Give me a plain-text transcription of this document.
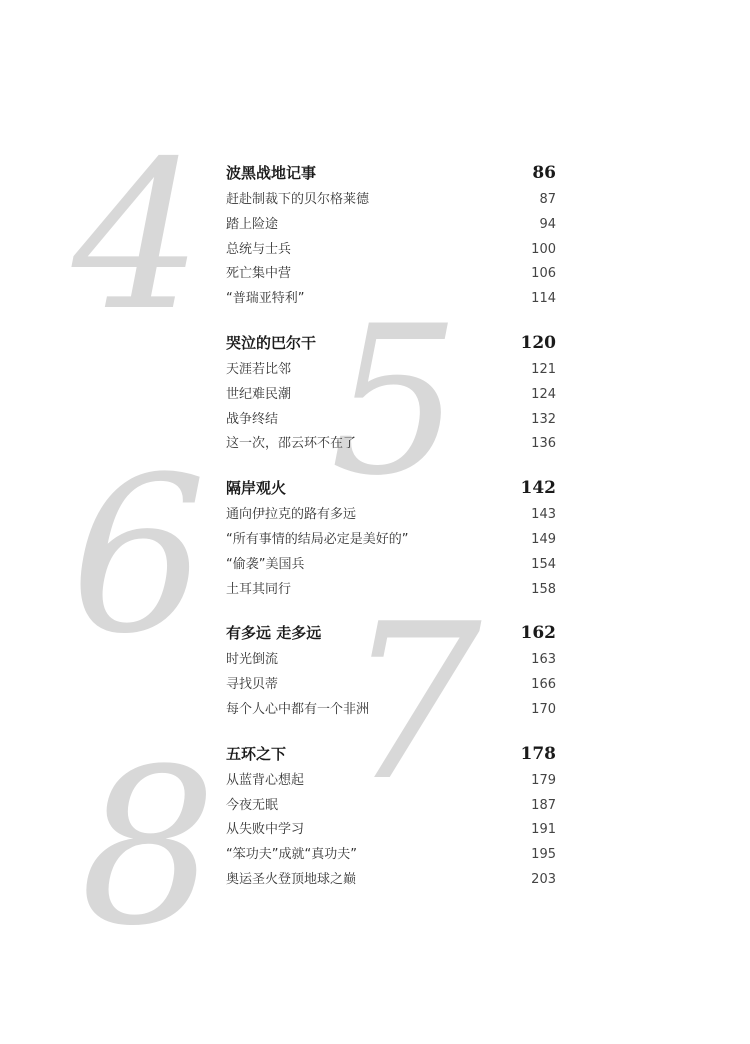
4
5
6
7
8
波黑战地记事	86
赶赴制裁下的贝尔格莱德	87
踏上险途	94
总统与士兵	100
死亡集中营	106
“普瑞亚特利”	114
哭泣的巴尔干	120
天涯若比邻	121
世纪难民潮	124
战争终结	132
这一次，邵云环不在了	136
隔岸观火	142
通向伊拉克的路有多远	143
“所有事情的结局必定是美好的”	149
“偷袭”美国兵	154
土耳其同行	158
有多远 走多远	162
时光倒流	163
寻找贝蒂	166
每个人心中都有一个非洲	170
五环之下	178
从蓝背心想起	179
今夜无眠	187
从失败中学习	191
“笨功夫”成就“真功夫”	195
奥运圣火登顶地球之巅	203
